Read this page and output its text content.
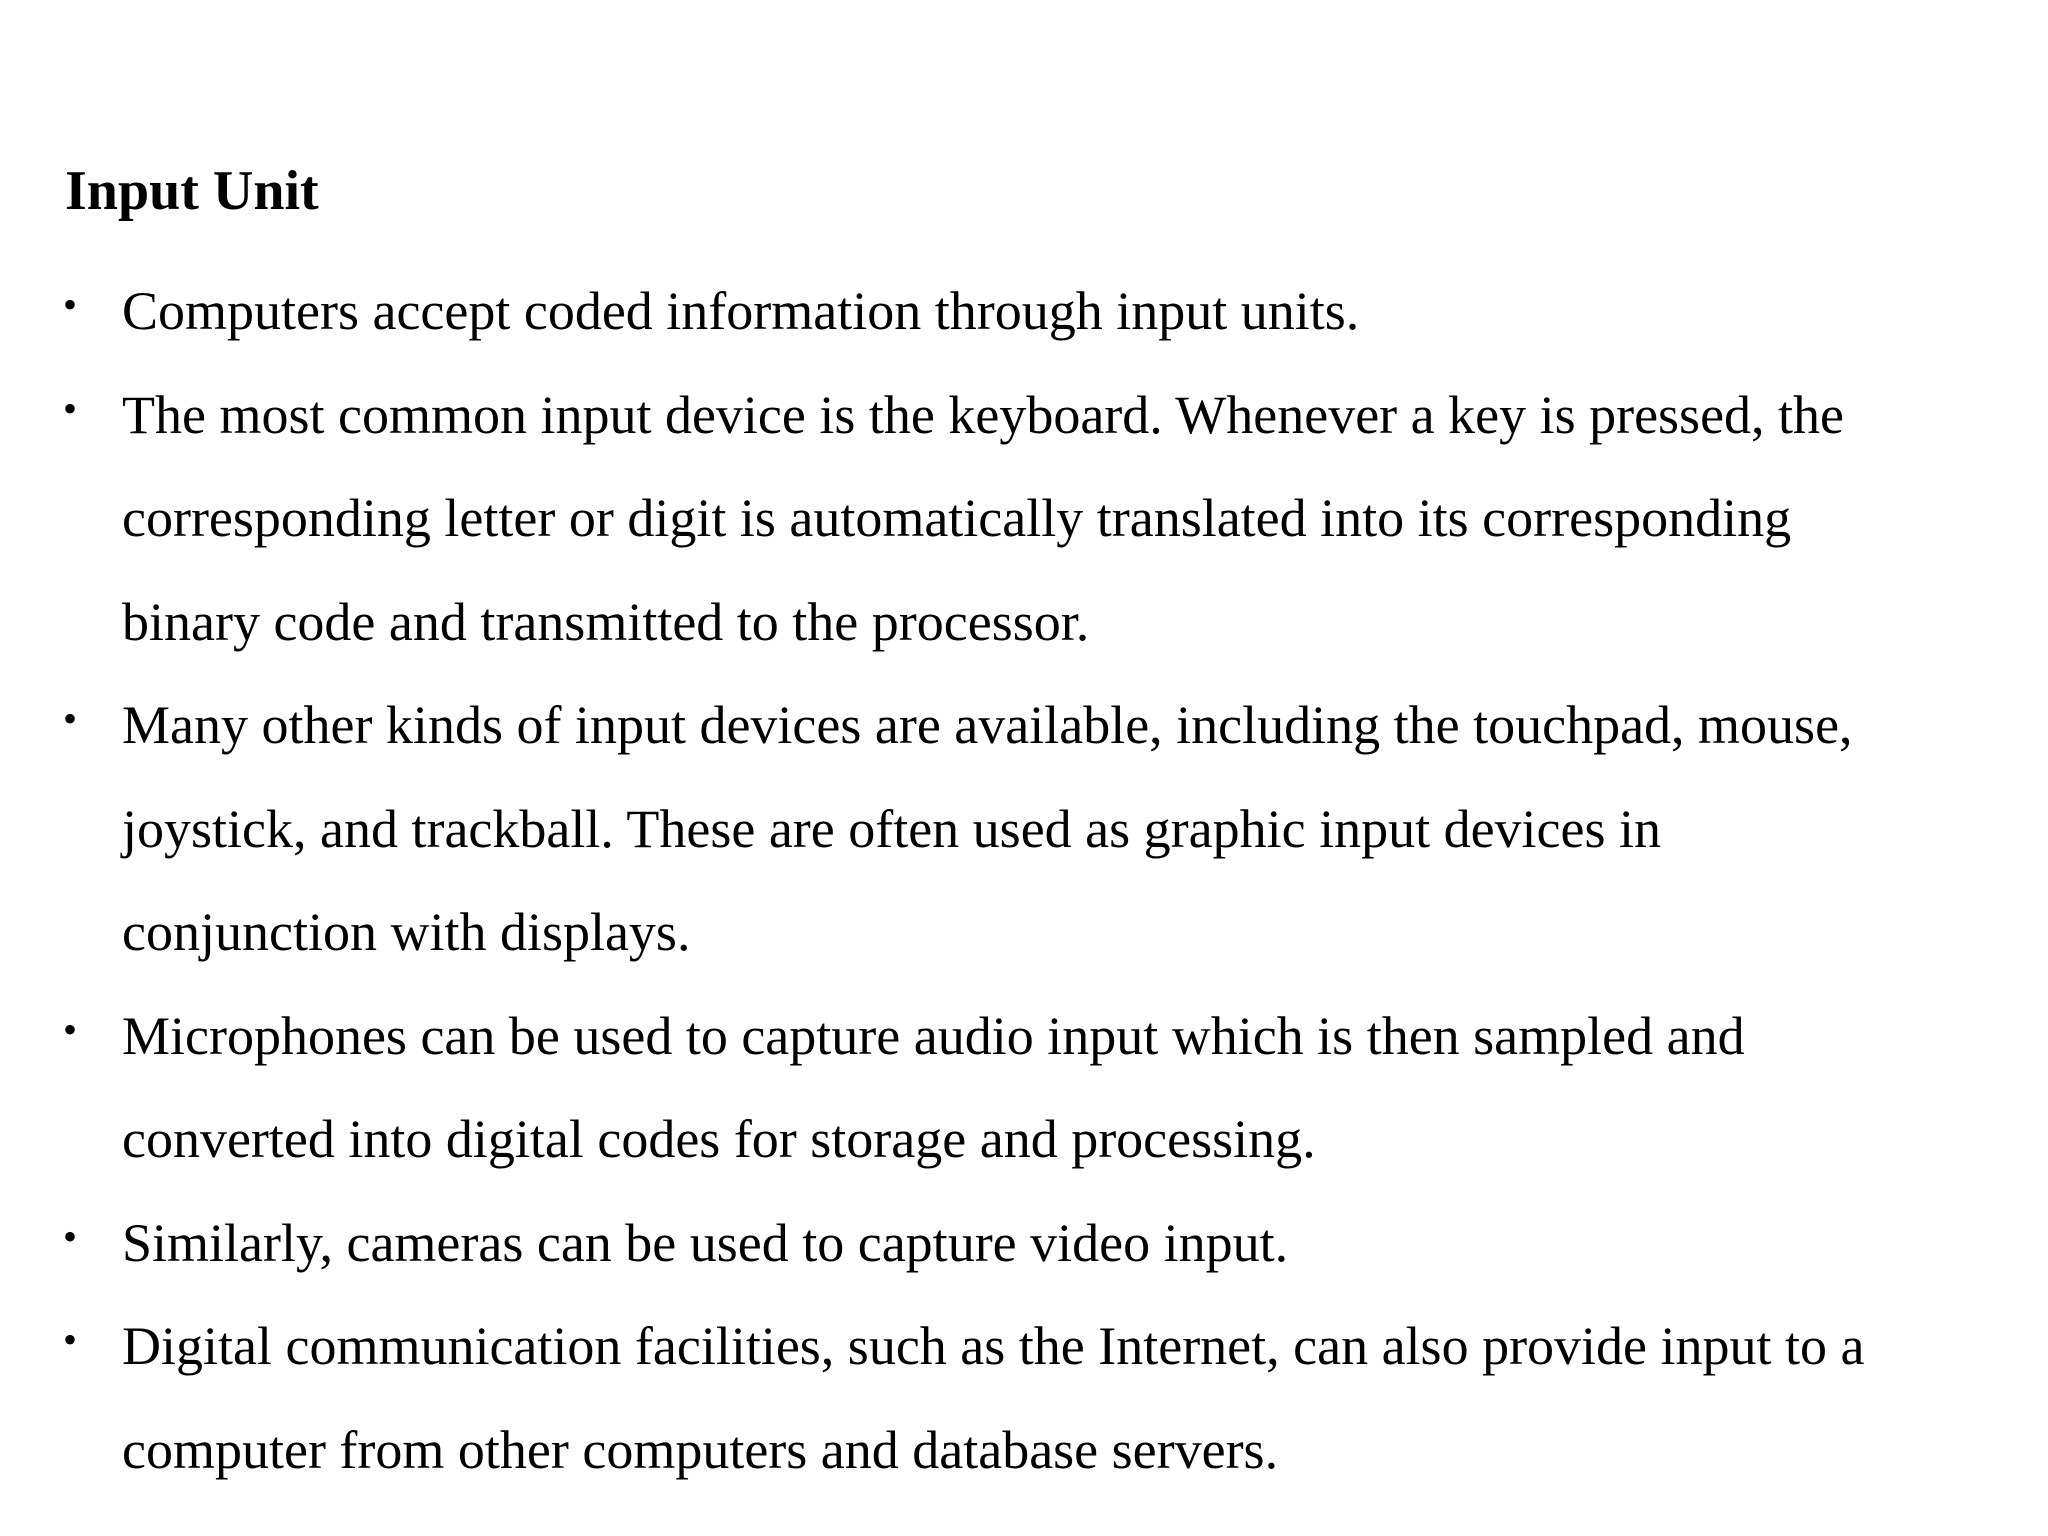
Input Unit
• Computers accept coded information through input units.
• The most common input device is the keyboard. Whenever a key is pressed, the
corresponding letter or digit is automatically translated into its corresponding
binary code and transmitted to the processor.
• Many other kinds of input devices are available, including the touchpad, mouse,
joystick, and trackball. These are often used as graphic input devices in
conjunction with displays.
• Microphones can be used to capture audio input which is then sampled and
converted into digital codes for storage and processing.
• Similarly, cameras can be used to capture video input.
• Digital communication facilities, such as the Internet, can also provide input to a
computer from other computers and database servers.
